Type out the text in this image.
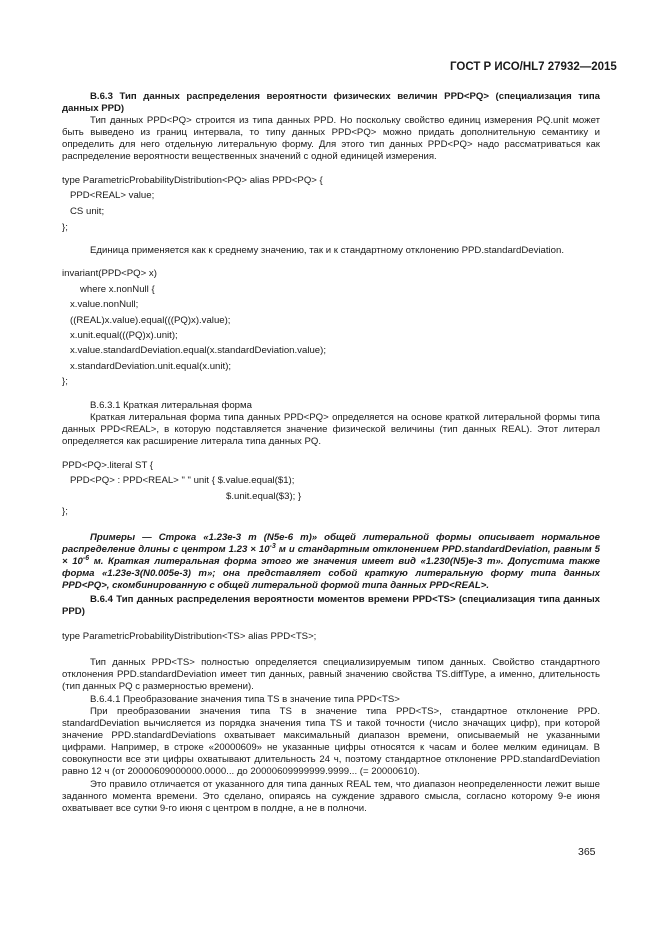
ГОСТ Р ИСО/HL7 27932—2015
В.6.3 Тип данных распределения вероятности физических величин PPD<PQ> (специализация типа данных PPD)
Тип данных PPD<PQ> строится из типа данных PPD. Но поскольку свойство единиц измерения PQ.unit может быть выведено из границ интервала, то типу данных PPD<PQ> можно придать дополнительную семантику и определить для него отдельную литеральную форму. Для этого тип данных PPD<PQ> надо рассматриваться как распределение вероятности вещественных значений с одной единицей измерения.
type ParametricProbabilityDistribution<PQ> alias PPD<PQ> {
PPD<REAL> value;
CS unit;
};
Единица применяется как к среднему значению, так и к стандартному отклонению PPD.standardDeviation.
invariant(PPD<PQ> x)
where x.nonNull {
x.value.nonNull;
((REAL)x.value).equal(((PQ)x).value);
x.unit.equal(((PQ)x).unit);
x.value.standardDeviation.equal(x.standardDeviation.value);
x.standardDeviation.unit.equal(x.unit);
};
В.6.3.1 Краткая литеральная форма
Краткая литеральная форма типа данных PPD<PQ> определяется на основе краткой литеральной формы типа данных PPD<REAL>, в которую подставляется значение физической величины (тип данных REAL). Этот литерал определяется как расширение литерала типа данных PQ.
PPD<PQ>.literal ST {
PPD<PQ> : PPD<REAL> " " unit { $.value.equal($1);
$.unit.equal($3); }
};
Примеры — Строка «1.23e-3 m (N5e-6 m)» общей литеральной формы описывает нормальное распределение длины с центром $1.23 \times 10^{-3}$ м и стандартным отклонением PPD.standardDeviation, равным $5 \times 10^{-6}$ м. Краткая литеральная форма этого же значения имеет вид «1.230(N5)e-3 m». Допустима также форма «1.23e-3(N0.005e-3) m»; она представляет собой краткую литеральную форму типа данных PPD<PQ>, скомбинированную с общей литеральной формой типа данных PPD<REAL>.
В.6.4 Тип данных распределения вероятности моментов времени PPD<TS> (специализация типа данных PPD)
type ParametricProbabilityDistribution<TS> alias PPD<TS>;
Тип данных PPD<TS> полностью определяется специализируемым типом данных. Свойство стандартного отклонения PPD.standardDeviation имеет тип данных, равный значению свойства TS.diffType, а именно, длительность (тип данных PQ с размерностью времени).
В.6.4.1 Преобразование значения типа TS в значение типа PPD<TS>
При преобразовании значения типа TS в значение типа PPD<TS>, стандартное отклонение PPD. standardDeviation вычисляется из порядка значения типа TS и такой точности (число значащих цифр), при которой значение PPD.standardDeviations охватывает максимальный диапазон времени, описываемый не указанными цифрами. Например, в строке «20000609» не указанные цифры относятся к часам и более мелким единицам. В совокупности все эти цифры охватывают длительность 24 ч, поэтому стандартное отклонение PPD.standardDeviation равно 12 ч (от 20000609000000.0000... до 20000609999999.9999... (= 20000610).
Это правило отличается от указанного для типа данных REAL тем, что диапазон неопределенности лежит выше заданного момента времени. Это сделано, опираясь на суждение здравого смысла, согласно которому 9-е июня охватывает все сутки 9-го июня с центром в полдне, а не в полночи.
365
